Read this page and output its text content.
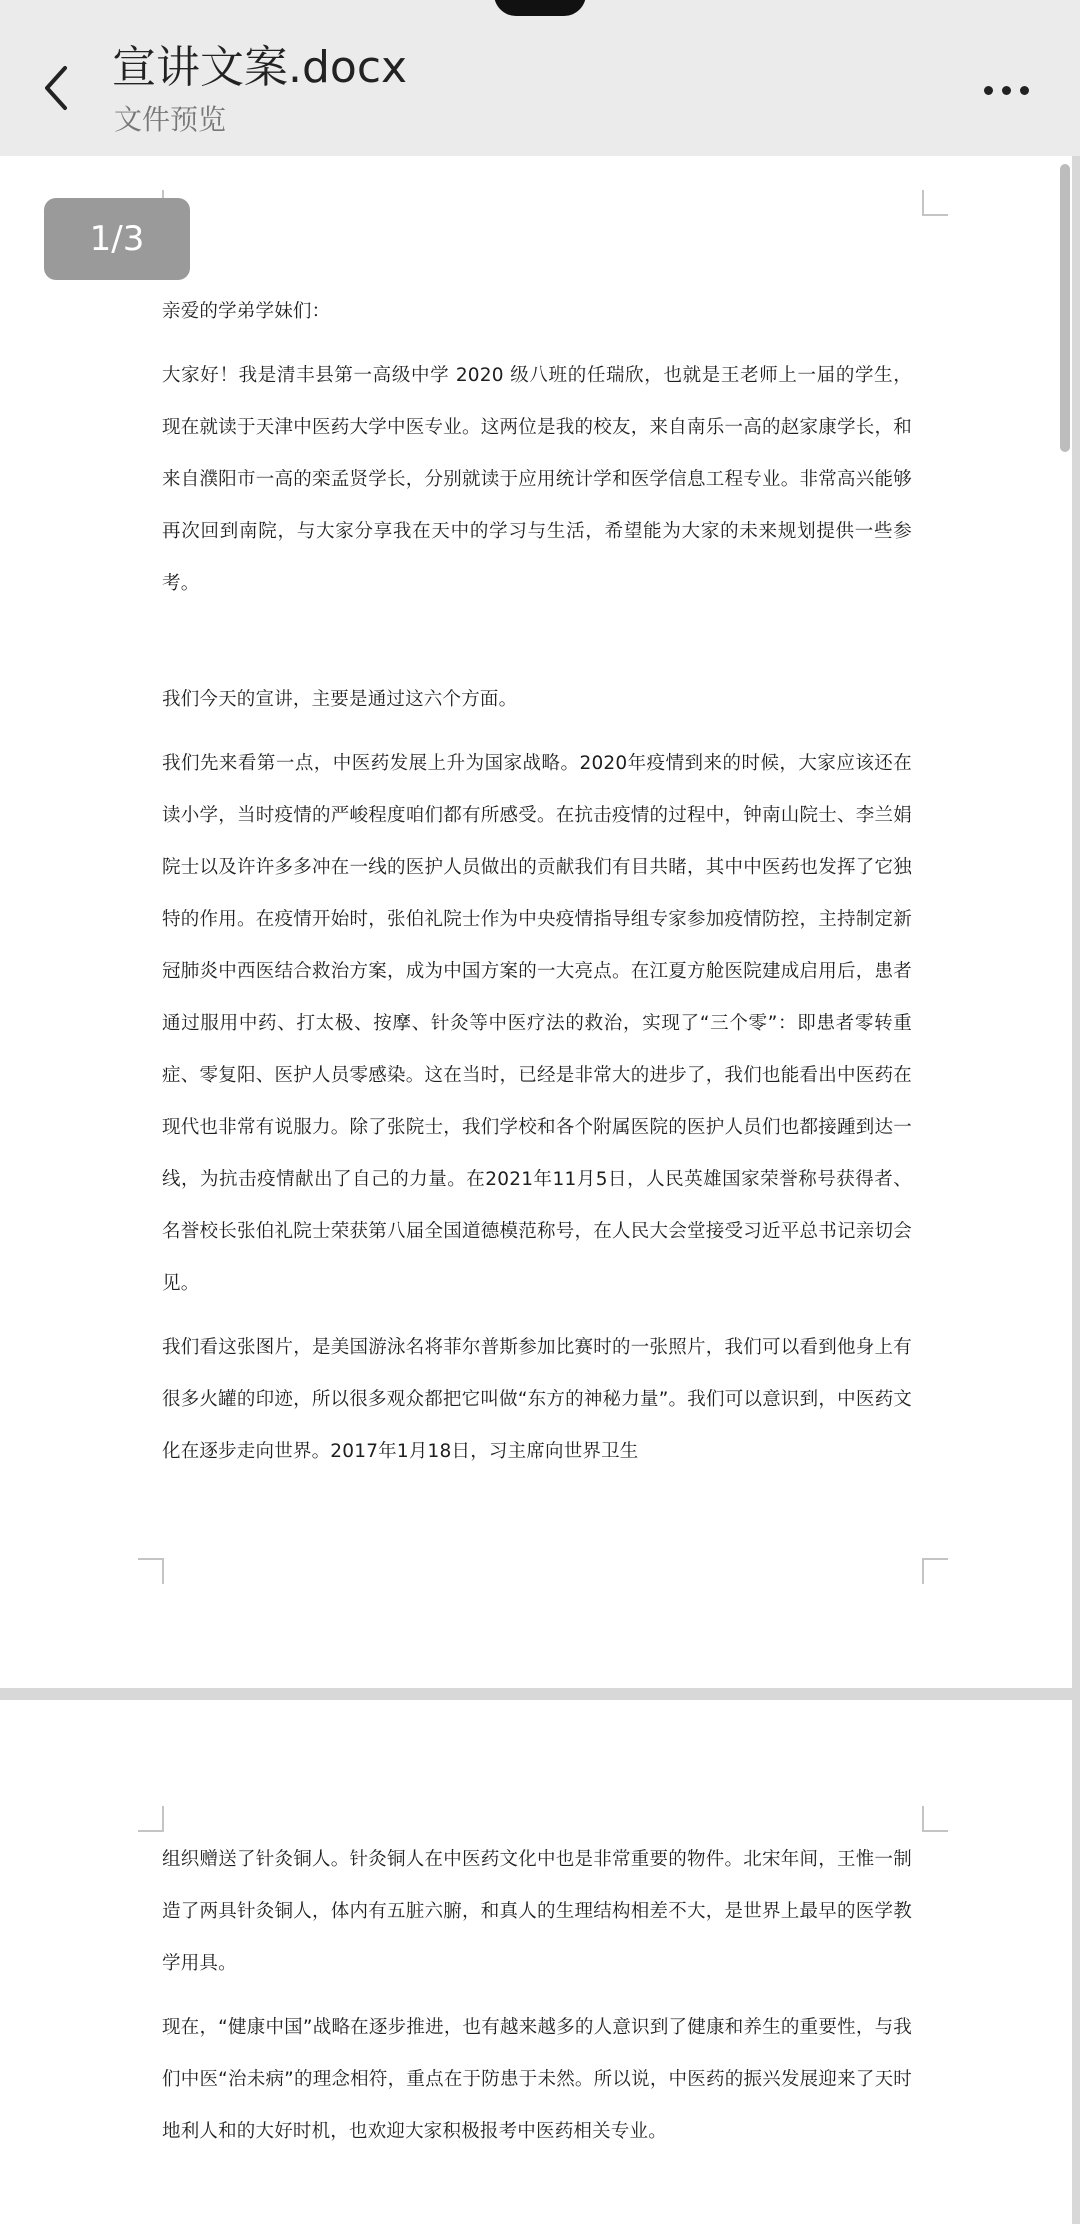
宣讲文案.docx
文件预览
1/3

亲爱的学弟学妹们：

大家好！我是清丰县第一高级中学 2020 级八班的任瑞欣，也就是王老师上一届的学生，现在就读于天津中医药大学中医专业。这两位是我的校友，来自南乐一高的赵家康学长，和来自濮阳市一高的栾孟贤学长，分别就读于应用统计学和医学信息工程专业。非常高兴能够再次回到南院，与大家分享我在天中的学习与生活，希望能为大家的未来规划提供一些参考。

我们今天的宣讲，主要是通过这六个方面。

我们先来看第一点，中医药发展上升为国家战略。2020年疫情到来的时候，大家应该还在读小学，当时疫情的严峻程度咱们都有所感受。在抗击疫情的过程中，钟南山院士、李兰娟院士以及许许多多冲在一线的医护人员做出的贡献我们有目共睹，其中中医药也发挥了它独特的作用。在疫情开始时，张伯礼院士作为中央疫情指导组专家参加疫情防控，主持制定新冠肺炎中西医结合救治方案，成为中国方案的一大亮点。在江夏方舱医院建成启用后，患者通过服用中药、打太极、按摩、针灸等中医疗法的救治，实现了“三个零”：即患者零转重症、零复阳、医护人员零感染。这在当时，已经是非常大的进步了，我们也能看出中医药在现代也非常有说服力。除了张院士，我们学校和各个附属医院的医护人员们也都接踵到达一线，为抗击疫情献出了自己的力量。在2021年11月5日，人民英雄国家荣誉称号获得者、名誉校长张伯礼院士荣获第八届全国道德模范称号，在人民大会堂接受习近平总书记亲切会见。

我们看这张图片，是美国游泳名将菲尔普斯参加比赛时的一张照片，我们可以看到他身上有很多火罐的印迹，所以很多观众都把它叫做“东方的神秘力量”。我们可以意识到，中医药文化在逐步走向世界。2017年1月18日，习主席向世界卫生

组织赠送了针灸铜人。针灸铜人在中医药文化中也是非常重要的物件。北宋年间，王惟一制造了两具针灸铜人，体内有五脏六腑，和真人的生理结构相差不大，是世界上最早的医学教学用具。

现在，“健康中国”战略在逐步推进，也有越来越多的人意识到了健康和养生的重要性，与我们中医“治未病”的理念相符，重点在于防患于未然。所以说，中医药的振兴发展迎来了天时地利人和的大好时机，也欢迎大家积极报考中医药相关专业。
